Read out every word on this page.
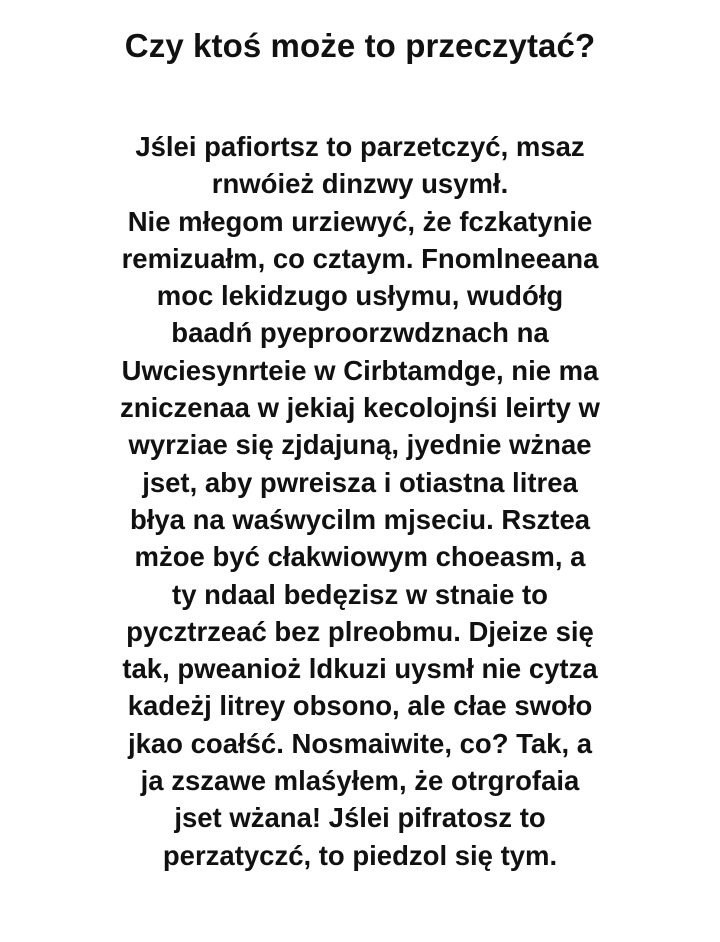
Czy ktoś może to przeczytać?
Jślei pafiortsz to parzetczyć, msaz
rnwóież dinzwy usymł.
Nie młegom urziewyć, że fczkatynie
remizuałm, co cztaym. Fnomlneeana
moc lekidzugo usłymu, wudółg
baadń pyeproorzwdznach na
Uwciesynrteie w Cirbtamdge, nie ma
zniczenaa w jekiaj kecolojnśi leirty w
wyrziae się zjdajuną, jyednie wżnae
jset, aby pwreisza i otiastna litrea
błya na waśwycilm mjseciu. Rsztea
mżoe być cłakwiowym choeasm, a
ty ndaal bedęzisz w stnaie to
pycztrzeać bez plreobmu. Djeize się
tak, pweanioż ldkuzi uysmł nie cytza
kadeżj litrey obsono, ale cłae swoło
jkao coałść. Nosmaiwite, co? Tak, a
ja zszawe mlaśyłem, że otrgrofaia
jset wżana! Jślei pifratosz to
perzatyczć, to piedzol się tym.
